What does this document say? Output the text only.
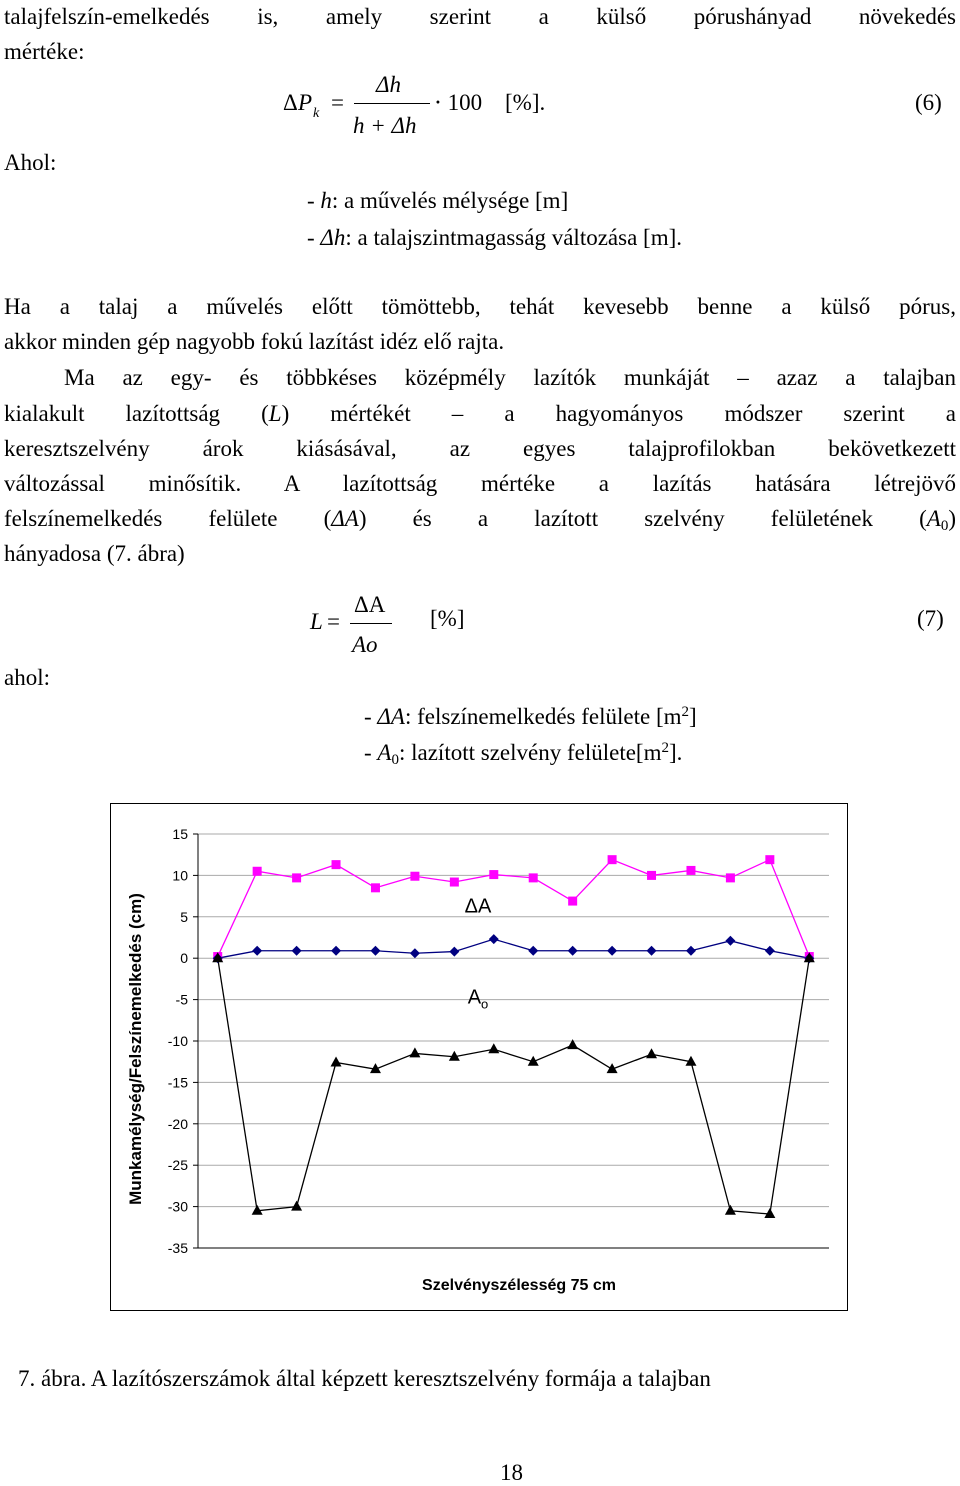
talajfelszín-emelkedés is, amely szerint a külső pórushányad növekedés
mértéke:
Δ P k =
Δh
h + Δh
⋅ 100 [%].	(6)
Ahol:
- h: a művelés mélysége [m]
- Δh: a talajszintmagasság változása [m].
Ha a talaj a művelés előtt tömöttebb, tehát kevesebb benne a külső pórus,
akkor minden gép nagyobb fokú lazítást idéz elő rajta.
Ma az egy- és többkéses középmély lazítók munkáját – azaz a talajban
kialakult lazítottság (L) mértékét – a hagyományos módszer szerint a
keresztszelvény árok kiásásával, az egyes talajprofilokban bekövetkezett
változással minősítik. A lazítottság mértéke a lazítás hatására létrejövő
felszínemelkedés felülete (ΔA) és a lazított szelvény felületének $(A_0)$
hányadosa (7. ábra)
L =
ΔA
Ao
[%]	(7)
ahol:
- ΔA: felszínemelkedés felülete $[m^2]$
- $A_0$: lazított szelvény $felülete[m^2]$.
15
10
5
0
-5
-10
-15
-20
-25
-30
-35
ΔA
$A_o$
Munkamélység/Felszínemelkedés (cm)
Szelvényszélesség 75 cm
7. ábra. A lazítószerszámok által képzett keresztszelvény formája a talajban
18
